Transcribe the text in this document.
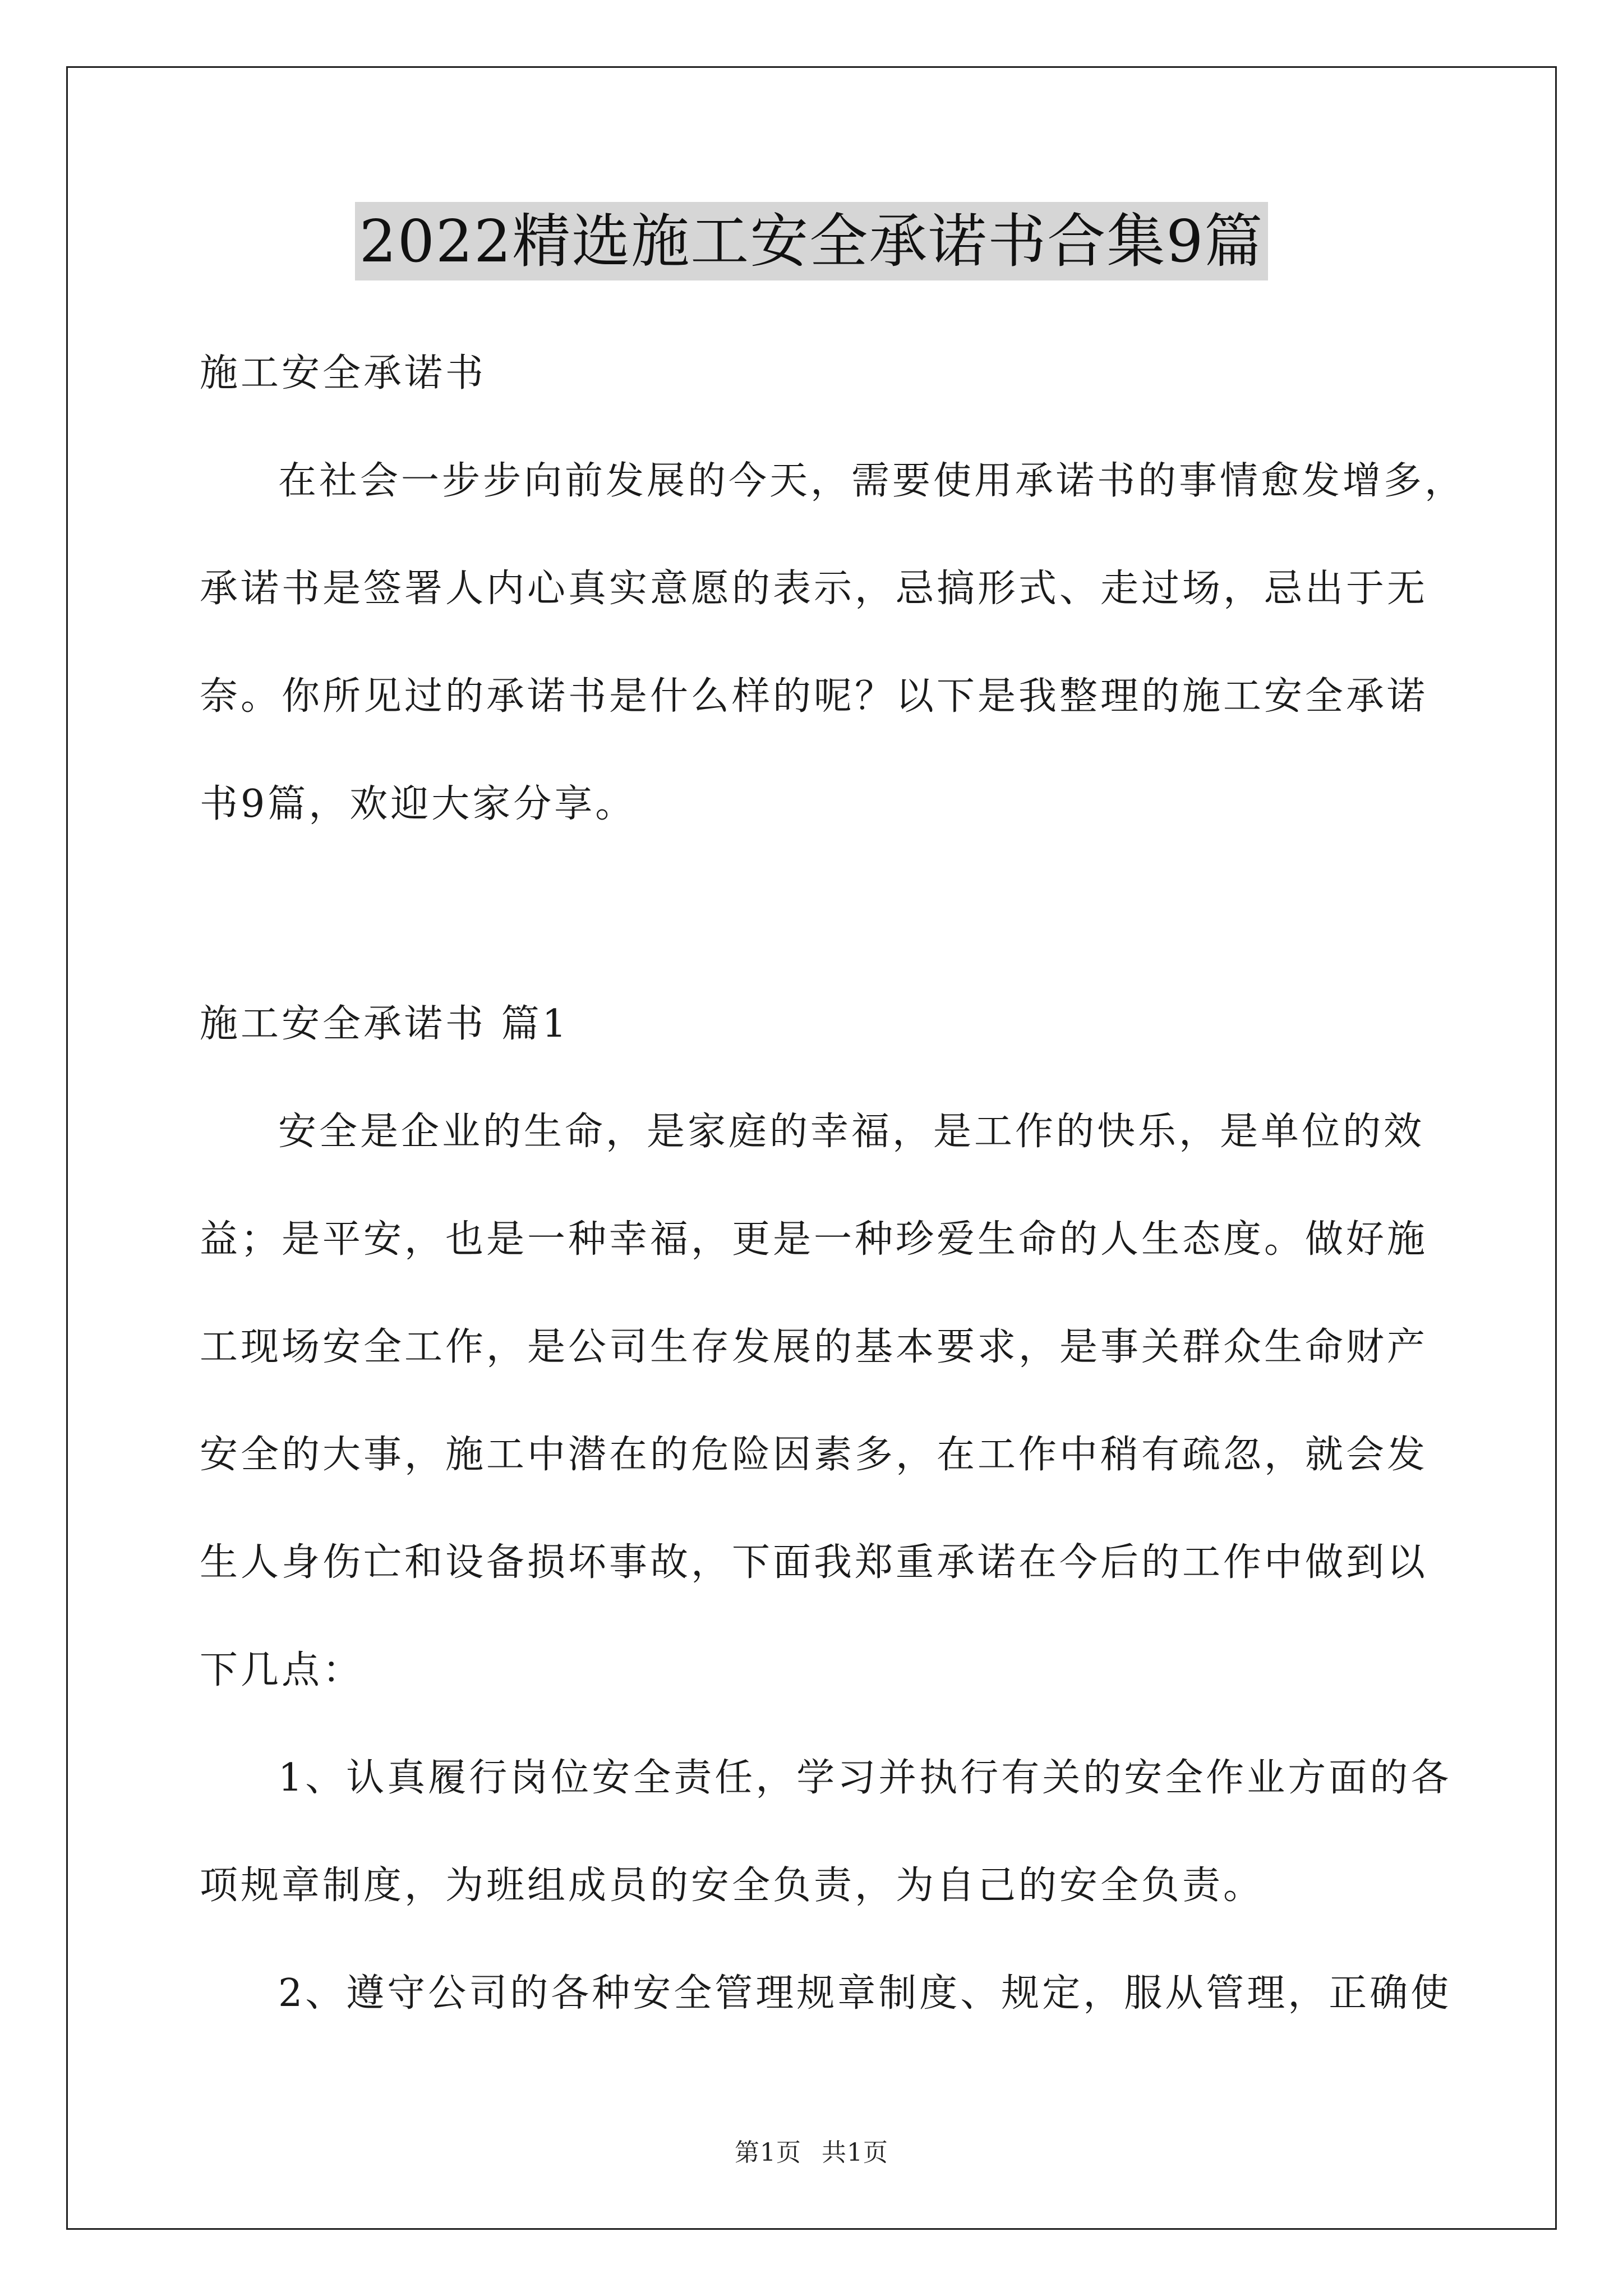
2022精选施工安全承诺书合集9篇

施工安全承诺书

在社会一步步向前发展的今天，需要使用承诺书的事情愈发增多，

承诺书是签署人内心真实意愿的表示，忌搞形式、走过场，忌出于无

奈。你所见过的承诺书是什么样的呢？以下是我整理的施工安全承诺

书9篇，欢迎大家分享。

施工安全承诺书 篇1

安全是企业的生命，是家庭的幸福，是工作的快乐，是单位的效

益；是平安，也是一种幸福，更是一种珍爱生命的人生态度。做好施

工现场安全工作，是公司生存发展的基本要求，是事关群众生命财产

安全的大事，施工中潜在的危险因素多，在工作中稍有疏忽，就会发

生人身伤亡和设备损坏事故，下面我郑重承诺在今后的工作中做到以

下几点：

1、认真履行岗位安全责任，学习并执行有关的安全作业方面的各

项规章制度，为班组成员的安全负责，为自己的安全负责。

2、遵守公司的各种安全管理规章制度、规定，服从管理，正确使

第1页 共1页
